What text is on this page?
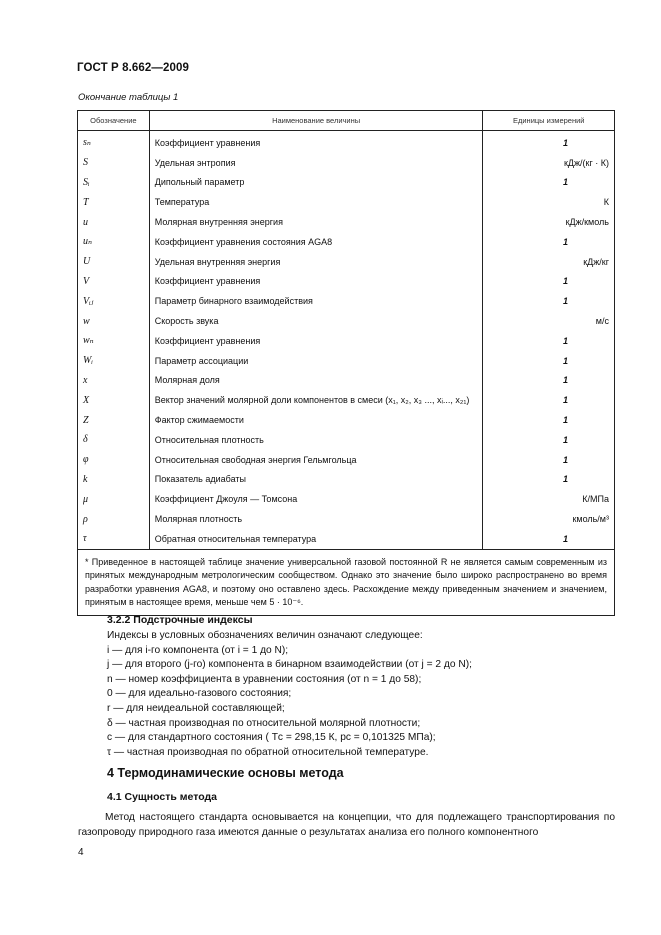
ГОСТ Р 8.662—2009
Окончание таблицы 1
Обозначение	Наименование величины	Единицы измерений
sₙ	Коэффициент уравнения	1
S	Удельная энтропия	кДж/(кг · К)
Sᵢ	Дипольный параметр	1
T	Температура	К
u	Молярная внутренняя энергия	кДж/кмоль
uₙ	Коэффициент уравнения состояния AGA8	1
U	Удельная внутренняя энергия	кДж/кг
V	Коэффициент уравнения	1
Vᵢⱼ	Параметр бинарного взаимодействия	1
w	Скорость звука	м/с
wₙ	Коэффициент уравнения	1
Wᵢ	Параметр ассоциации	1
x	Молярная доля	1
X	Вектор значений молярной доли компонентов в смеси (x₁, x₂, x₃ ..., xᵢ..., x₂₁)	1
Z	Фактор сжимаемости	1
δ	Относительная плотность	1
φ	Относительная свободная энергия Гельмгольца	1
k	Показатель адиабаты	1
μ	Коэффициент Джоуля — Томсона	К/МПа
ρ	Молярная плотность	кмоль/м³
τ	Обратная относительная температура	1
* Приведенное в настоящей таблице значение универсальной газовой постоянной R не является самым современным из принятых международным метрологическим сообществом. Однако это значение было широко распространено во время разработки уравнения AGA8, и поэтому оно оставлено здесь. Расхождение между приведенным значением и значением, принятым в настоящее время, меньше чем 5 · 10⁻⁶.		
3.2.2 Подстрочные индексы
Индексы в условных обозначениях величин означают следующее:
i — для i-го компонента (от i = 1 до N);
j — для второго (j-го) компонента в бинарном взаимодействии (от j = 2 до N);
n — номер коэффициента в уравнении состояния (от n = 1 до 58);
0 — для идеально-газового состояния;
r — для неидеальной составляющей;
δ — частная производная по относительной молярной плотности;
с — для стандартного состояния ( Tс = 298,15 К, pс = 0,101325 МПа);
τ — частная производная по обратной относительной температуре.
4 Термодинамические основы метода
4.1 Сущность метода
Метод настоящего стандарта основывается на концепции, что для подлежащего транспортирования по газопроводу природного газа имеются данные о результатах анализа его полного компонентного
4
